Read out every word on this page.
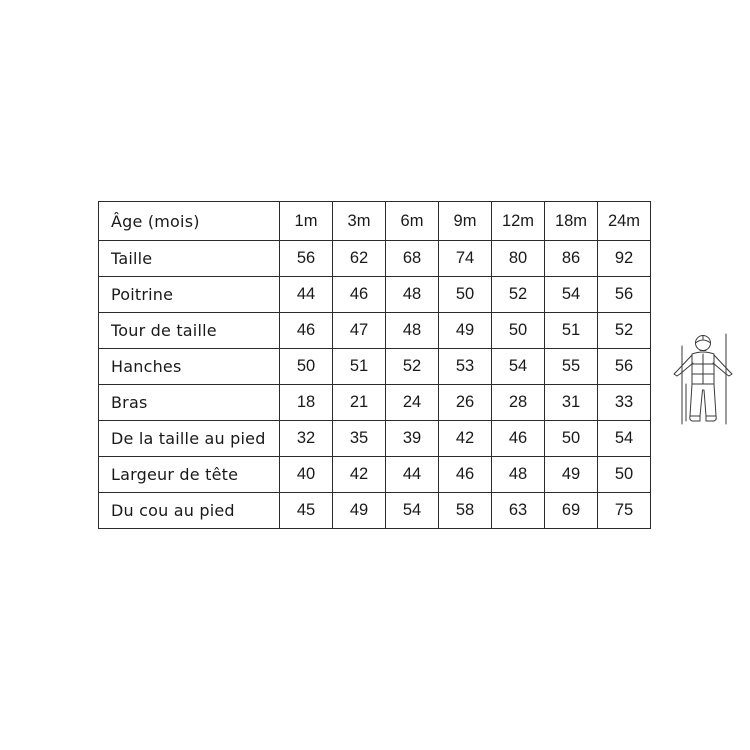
Âge (mois)	1m	3m	6m	9m	12m	18m	24m
Taille	56	62	68	74	80	86	92
Poitrine	44	46	48	50	52	54	56
Tour de taille	46	47	48	49	50	51	52
Hanches	50	51	52	53	54	55	56
Bras	18	21	24	26	28	31	33
De la taille au pied	32	35	39	42	46	50	54
Largeur de tête	40	42	44	46	48	49	50
Du cou au pied	45	49	54	58	63	69	75
